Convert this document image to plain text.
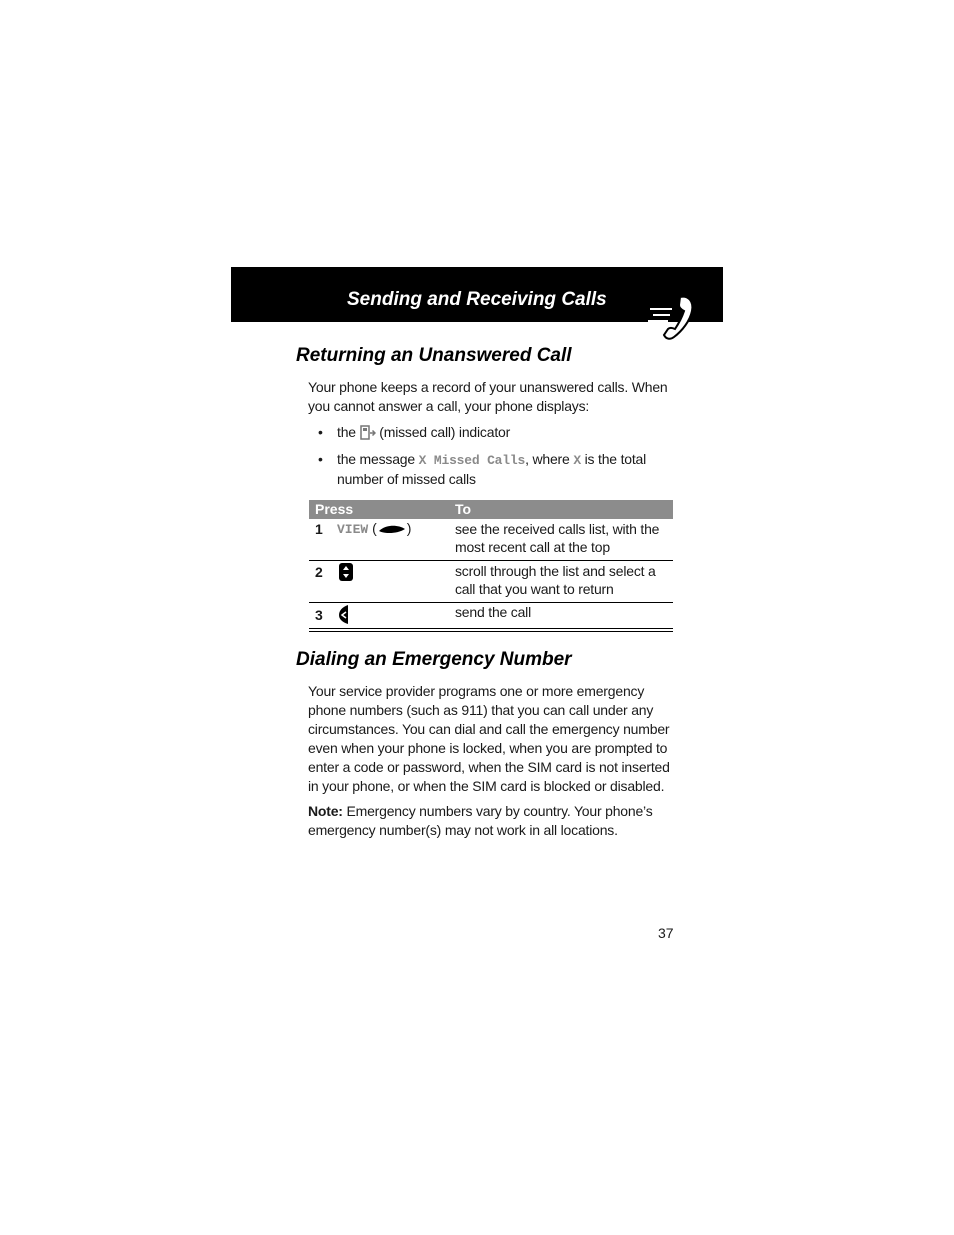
Sending and Receiving Calls
Returning an Unanswered Call
Your phone keeps a record of your unanswered calls. When you cannot answer a call, your phone displays:
• the (missed call) indicator
• the message X Missed Calls, where X is the total number of missed calls
Press	To
1 VIEW ( )	see the received calls list, with the most recent call at the top
2	scroll through the list and select a call that you want to return
3	send the call
Dialing an Emergency Number
Your service provider programs one or more emergency phone numbers (such as 911) that you can call under any circumstances. You can dial and call the emergency number even when your phone is locked, when you are prompted to enter a code or password, when the SIM card is not inserted in your phone, or when the SIM card is blocked or disabled.
Note: Emergency numbers vary by country. Your phone’s emergency number(s) may not work in all locations.
37
